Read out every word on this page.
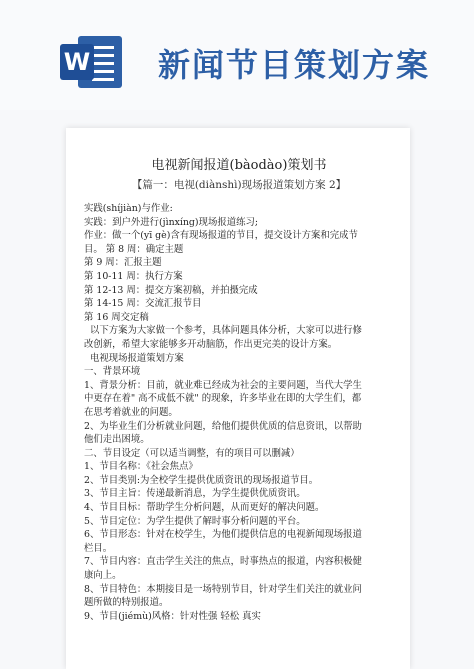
W 新闻节目策划方案
电视新闻报道(bàodào)策划书
【篇一：电视(diànshì)现场报道策划方案 2】

实践(shíjiàn)与作业:

实践：到户外进行(jìnxíng)现场报道练习;

作业：做一个(yī gè)含有现场报道的节目，提交设计方案和完成节

目。 第 8 周：确定主题

第 9 周：汇报主题

第 10-11 周：执行方案

第 12-13 周：提交方案初稿，并拍摄完成

第 14-15 周：交流汇报节目

第 16 周交定稿

以下方案为大家做一个参考，具体问题具体分析，大家可以进行修

改创新，希望大家能够多开动脑筋，作出更完美的设计方案。

电视现场报道策划方案

一、背景环境

1、背景分析：目前，就业难已经成为社会的主要问题，当代大学生

中更存在着" 高不成低不就" 的现象，许多毕业在即的大学生们，都

在思考着就业的问题。

2、为毕业生们分析就业问题，给他们提供优质的信息资讯，以帮助

他们走出困境。

二、节目设定（可以适当调整，有的项目可以删减）

1、节目名称：《社会焦点》

2、节目类别:为全校学生提供优质资讯的现场报道节目。

3、节目主旨：传递最新消息，为学生提供优质资讯。

4、节目目标：帮助学生分析问题，从而更好的解决问题。

5、节目定位：为学生提供了解时事分析问题的平台。

6、节目形态：针对在校学生，为他们提供信息的电视新闻现场报道

栏目。

7、节目内容：直击学生关注的焦点，时事热点的报道，内容积极健

康向上。

8、节目特色：本期接目是一场特别节目，针对学生们关注的就业问

题所做的特别报道。

9、节目(jiémù)风格：针对性强 轻松 真实
